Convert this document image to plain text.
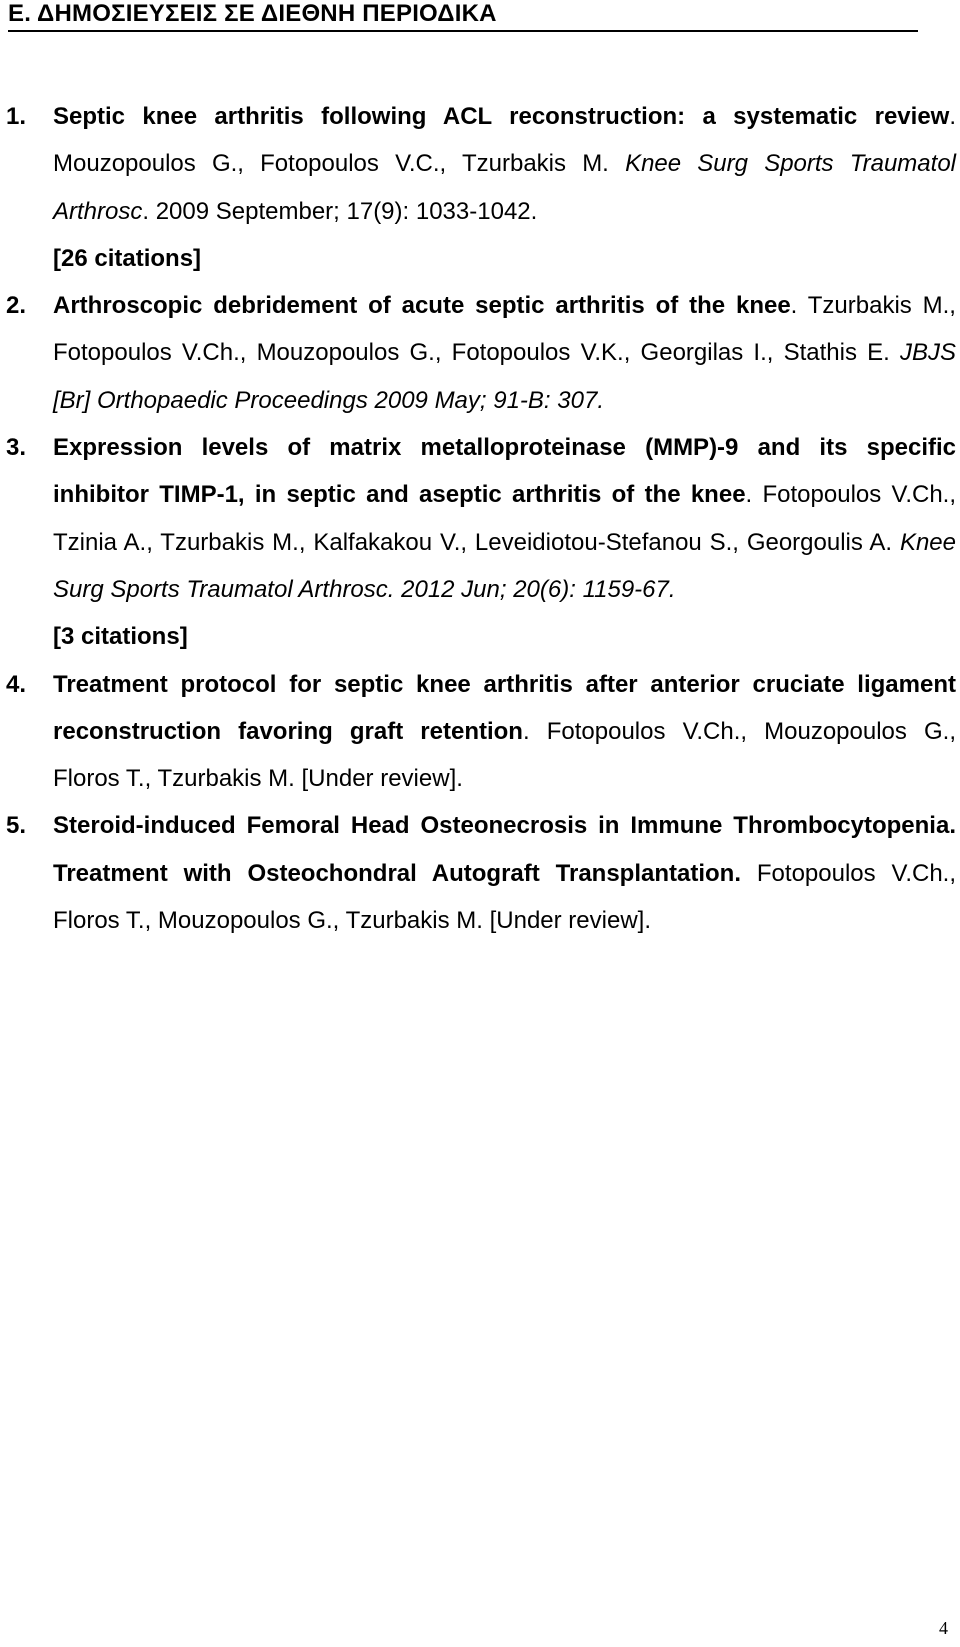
Ε. ΔΗΜΟΣΙΕΥΣΕΙΣ ΣΕ ΔΙΕΘΝΗ ΠΕΡΙΟΔΙΚΑ
1. Septic knee arthritis following ACL reconstruction: a systematic review. Mouzopoulos G., Fotopoulos V.C., Tzurbakis M. Knee Surg Sports Traumatol Arthrosc. 2009 September; 17(9): 1033-1042.
[26 citations]
2. Arthroscopic debridement of acute septic arthritis of the knee. Tzurbakis M., Fotopoulos V.Ch., Mouzopoulos G., Fotopoulos V.K., Georgilas I., Stathis E. JBJS [Br] Orthopaedic Proceedings 2009 May; 91-B: 307.
3. Expression levels of matrix metalloproteinase (MMP)-9 and its specific inhibitor TIMP-1, in septic and aseptic arthritis of the knee. Fotopoulos V.Ch., Tzinia A., Tzurbakis M., Kalfakakou V., Leveidiotou-Stefanou S., Georgoulis A. Knee Surg Sports Traumatol Arthrosc. 2012 Jun; 20(6): 1159-67.
[3 citations]
4. Treatment protocol for septic knee arthritis after anterior cruciate ligament reconstruction favoring graft retention. Fotopoulos V.Ch., Mouzopoulos G., Floros T., Tzurbakis M. [Under review].
5. Steroid-induced Femoral Head Osteonecrosis in Immune Thrombocytopenia. Treatment with Osteochondral Autograft Transplantation. Fotopoulos V.Ch., Floros T., Mouzopoulos G., Tzurbakis M. [Under review].
4
